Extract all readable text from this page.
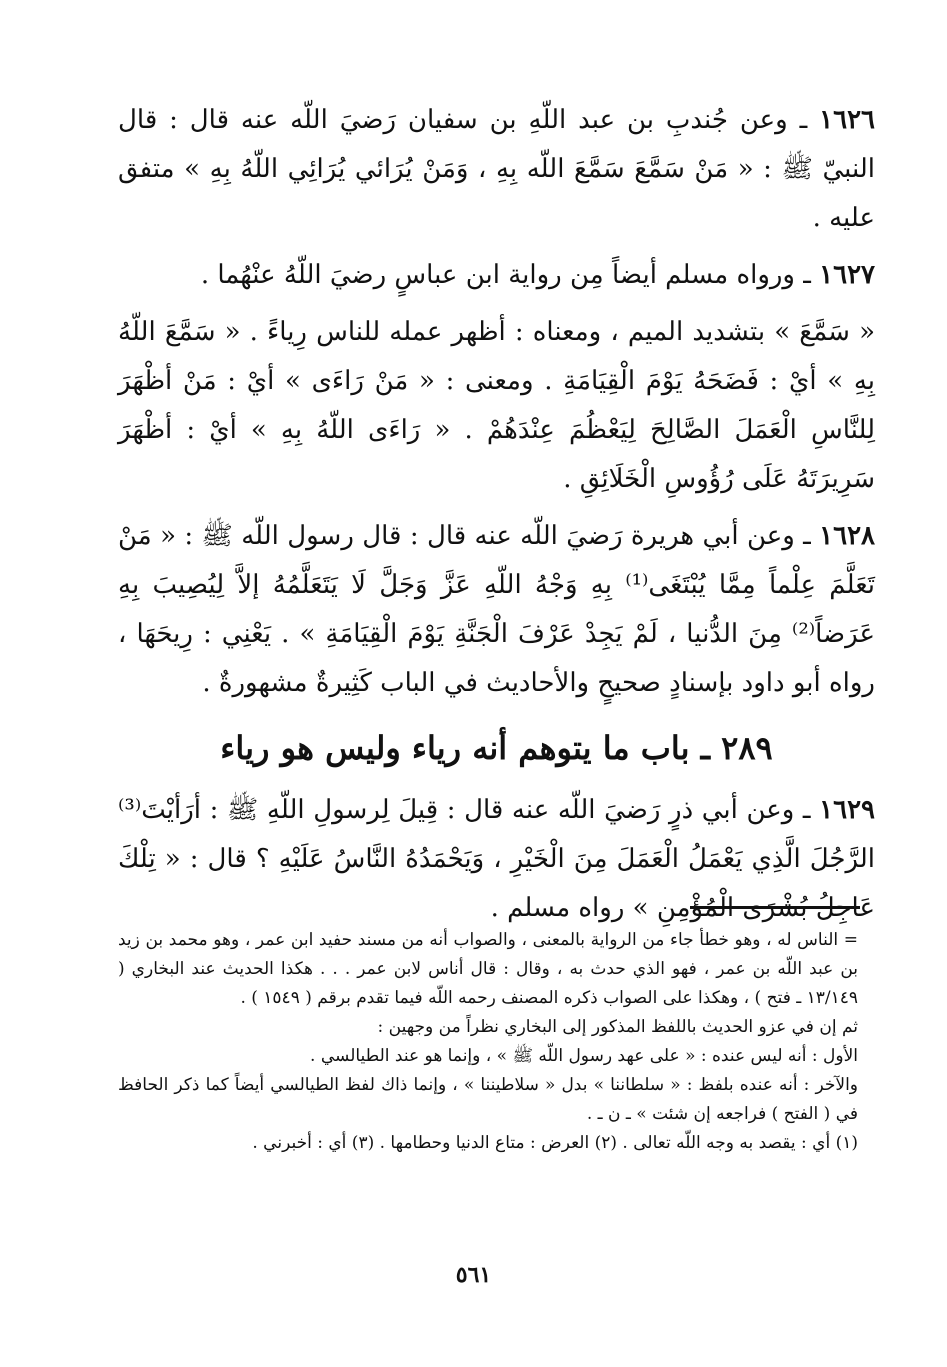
١٦٢٦ ـ وعن جُندبِ بن عبد اللّهِ بن سفيان رَضيَ اللّه عنه قال : قال النبيّ ﷺ : « مَنْ سَمَّعَ سَمَّعَ اللّه بِهِ ، وَمَنْ يُرَائي يُرَائِي اللّهُ بِهِ » متفق عليه .

١٦٢٧ ـ ورواه مسلم أيضاً مِن رواية ابن عباسٍ رضيَ اللّهُ عنْهُما .

« سَمَّعَ » بتشديد الميم ، ومعناه : أظهر عمله للناس رِياءً . « سَمَّعَ اللّهُ بِهِ » أيْ : فَضَحَهُ يَوْمَ الْقِيَامَةِ . ومعنى : « مَنْ رَاءَى » أيْ : مَنْ أظْهَرَ لِلنَّاسِ الْعَمَلَ الصَّالِحَ لِيَعْظُمَ عِنْدَهُمْ . « رَاءَى اللّهُ بِهِ » أيْ : أظْهَرَ سَرِيرَتَهُ عَلَى رُؤُوسِ الْخَلَائِقِ .

١٦٢٨ ـ وعن أبي هريرة رَضيَ اللّه عنه قال : قال رسول اللّه ﷺ : « مَنْ تَعَلَّمَ عِلْماً مِمَّا يُبْتَغَى⁽¹⁾ بِهِ وَجْهُ اللّهِ عَزَّ وَجَلَّ لَا يَتَعَلَّمُهُ إلاَّ لِيُصِيبَ بِهِ عَرَضاً⁽²⁾ مِنَ الدُّنيا ، لَمْ يَجِدْ عَرْفَ الْجَنَّةِ يَوْمَ الْقِيَامَةِ » . يَعْنِي : رِيحَهَا ، رواه أبو داود بإسنادٍ صحيحٍ والأحاديث في الباب كَثِيرةٌ مشهورةٌ .

٢٨٩ ـ باب ما يتوهم أنه رياء وليس هو رياء

١٦٢٩ ـ وعن أبي ذرٍ رَضيَ اللّه عنه قال : قِيلَ لِرسولِ اللّهِ ﷺ : أرَأيْتَ⁽³⁾ الرَّجُلَ الَّذِي يَعْمَلُ الْعَمَلَ مِنَ الْخَيْرِ ، وَيَحْمَدُهُ النَّاسُ عَلَيْهِ ؟ قال : « تِلْكَ عَاجِلُ بُشْرَى الْمُؤْمِنِ » رواه مسلم .

= الناس له ، وهو خطأ جاء من الرواية بالمعنى ، والصواب أنه من مسند حفيد ابن عمر ، وهو محمد بن زيد بن عبد اللّه بن عمر ، فهو الذي حدث به ، وقال : قال أناس لابن عمر . . . هكذا الحديث عند البخاري ( ١٣/١٤٩ ـ فتح ) ، وهكذا على الصواب ذكره المصنف رحمه اللّه فيما تقدم برقم ( ١٥٤٩ ) .

ثم إن في عزو الحديث باللفظ المذكور إلى البخاري نظراً من وجهين :

الأول : أنه ليس عنده : « على عهد رسول اللّه ﷺ » ، وإنما هو عند الطيالسي .

والآخر : أنه عنده بلفظ : « سلطاننا » بدل « سلاطيننا » ، وإنما ذاك لفظ الطيالسي أيضاً كما ذكر الحافظ في ( الفتح ) فراجعه إن شئت » ـ ن ـ .

(١) أي : يقصد به وجه اللّه تعالى . (٢) العرض : متاع الدنيا وحطامها . (٣) أي : أخبرني .

٥٦١
